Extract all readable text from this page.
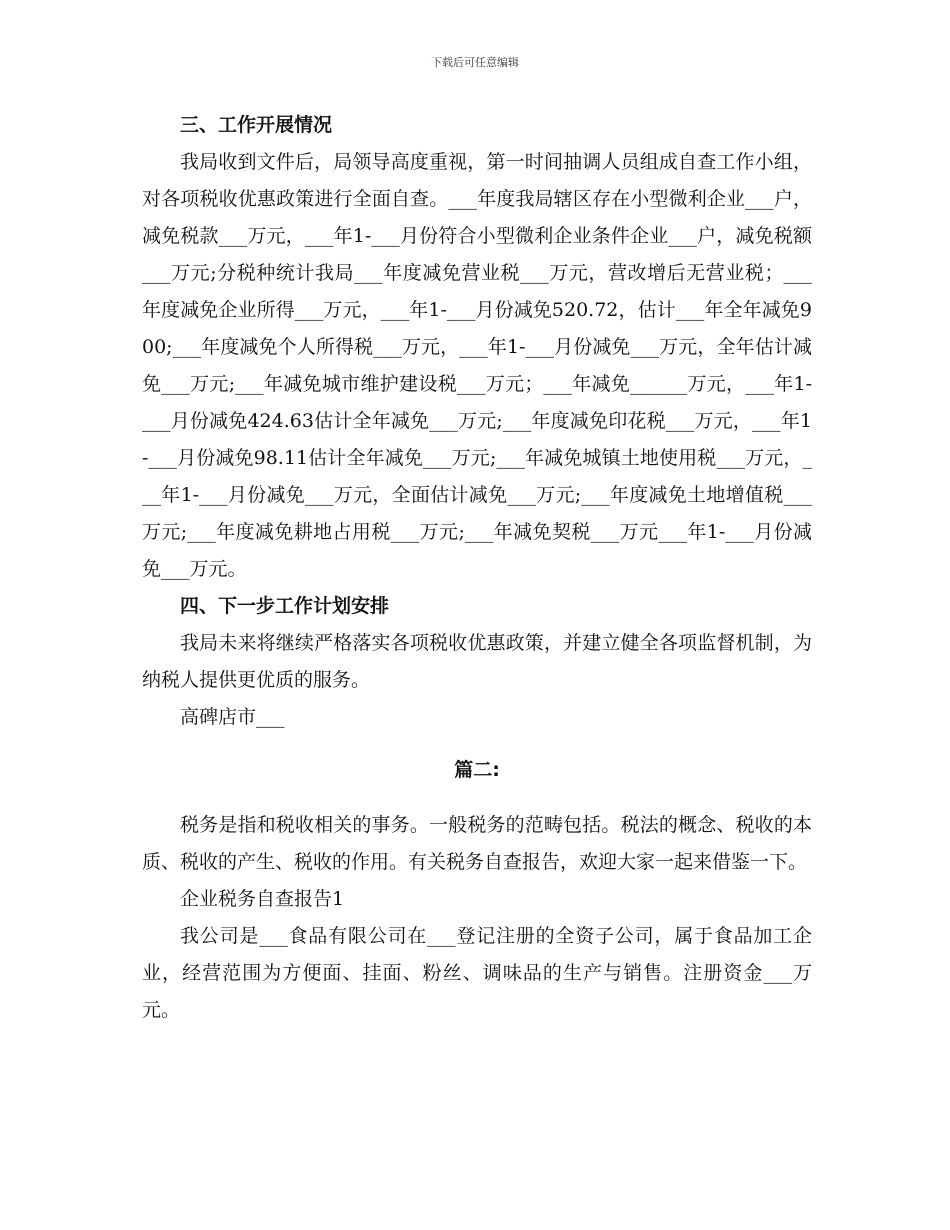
下载后可任意编辑

三、工作开展情况

我局收到文件后，局领导高度重视，第一时间抽调人员组成自查工作小组，对各项税收优惠政策进行全面自查。___年度我局辖区存在小型微利企业___户，减免税款___万元，___年1-___月份符合小型微利企业条件企业___户，减免税额___万元;分税种统计我局___年度减免营业税___万元，营改增后无营业税；___年度减免企业所得___万元，___年1-___月份减免520.72，估计___年全年减免900;___年度减免个人所得税___万元，___年1-___月份减免___万元，全年估计减免___万元;___年减免城市维护建设税___万元；___年减免______万元，___年1-___月份减免424.63估计全年减免___万元;___年度减免印花税___万元，___年1-___月份减免98.11估计全年减免___万元;___年减免城镇土地使用税___万元，___年1-___月份减免___万元，全面估计减免___万元;___年度减免土地增值税___万元;___年度减免耕地占用税___万元;___年减免契税___万元___年1-___月份减免___万元。

四、下一步工作计划安排

我局未来将继续严格落实各项税收优惠政策，并建立健全各项监督机制，为纳税人提供更优质的服务。

高碑店市___

篇二:

税务是指和税收相关的事务。一般税务的范畴包括。税法的概念、税收的本质、税收的产生、税收的作用。有关税务自查报告，欢迎大家一起来借鉴一下。

企业税务自查报告1

我公司是___食品有限公司在___登记注册的全资子公司，属于食品加工企业，经营范围为方便面、挂面、粉丝、调味品的生产与销售。注册资金___万元。
